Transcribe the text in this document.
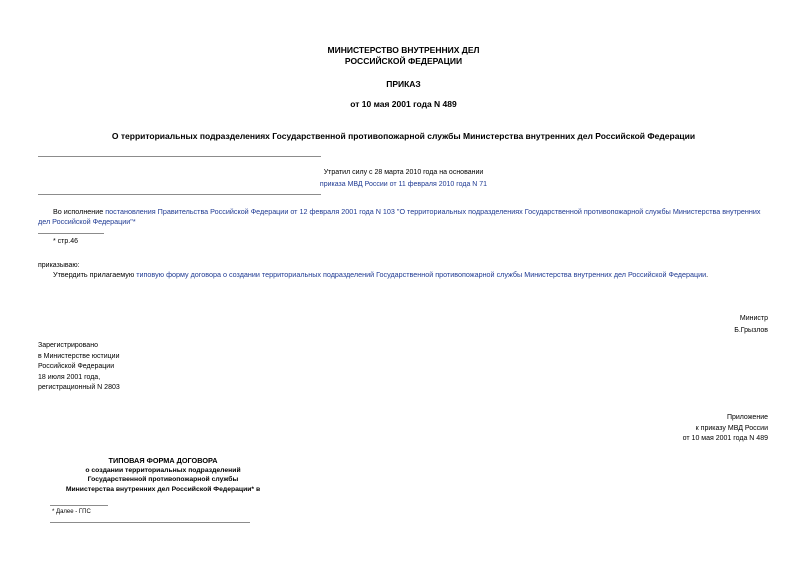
МИНИСТЕРСТВО ВНУТРЕННИХ ДЕЛ
РОССИЙСКОЙ ФЕДЕРАЦИИ
ПРИКАЗ
от 10 мая 2001 года N 489
О территориальных подразделениях Государственной противопожарной службы Министерства внутренних дел Российской Федерации
Утратил силу с 28 марта 2010 года на основании
приказа МВД России от 11 февраля 2010 года N 71
Во исполнение постановления Правительства Российской Федерации от 12 февраля 2001 года N 103 "О территориальных подразделениях Государственной противопожарной службы Министерства внутренних
дел Российской Федерации"*
* стр.46
приказываю:
Утвердить прилагаемую типовую форму договора о создании территориальных подразделений Государственной противопожарной службы Министерства внутренних дел Российской Федерации.
Министр
Б.Грызлов
Зарегистрировано
в Министерстве юстиции
Российской Федерации
18 июля 2001 года,
регистрационный N 2803
Приложение
к приказу МВД России
от 10 мая 2001 года N 489
ТИПОВАЯ ФОРМА ДОГОВОРА
о создании территориальных подразделений
Государственной противопожарной службы
Министерства внутренних дел Российской Федерации* в
* Далее - ГПС
